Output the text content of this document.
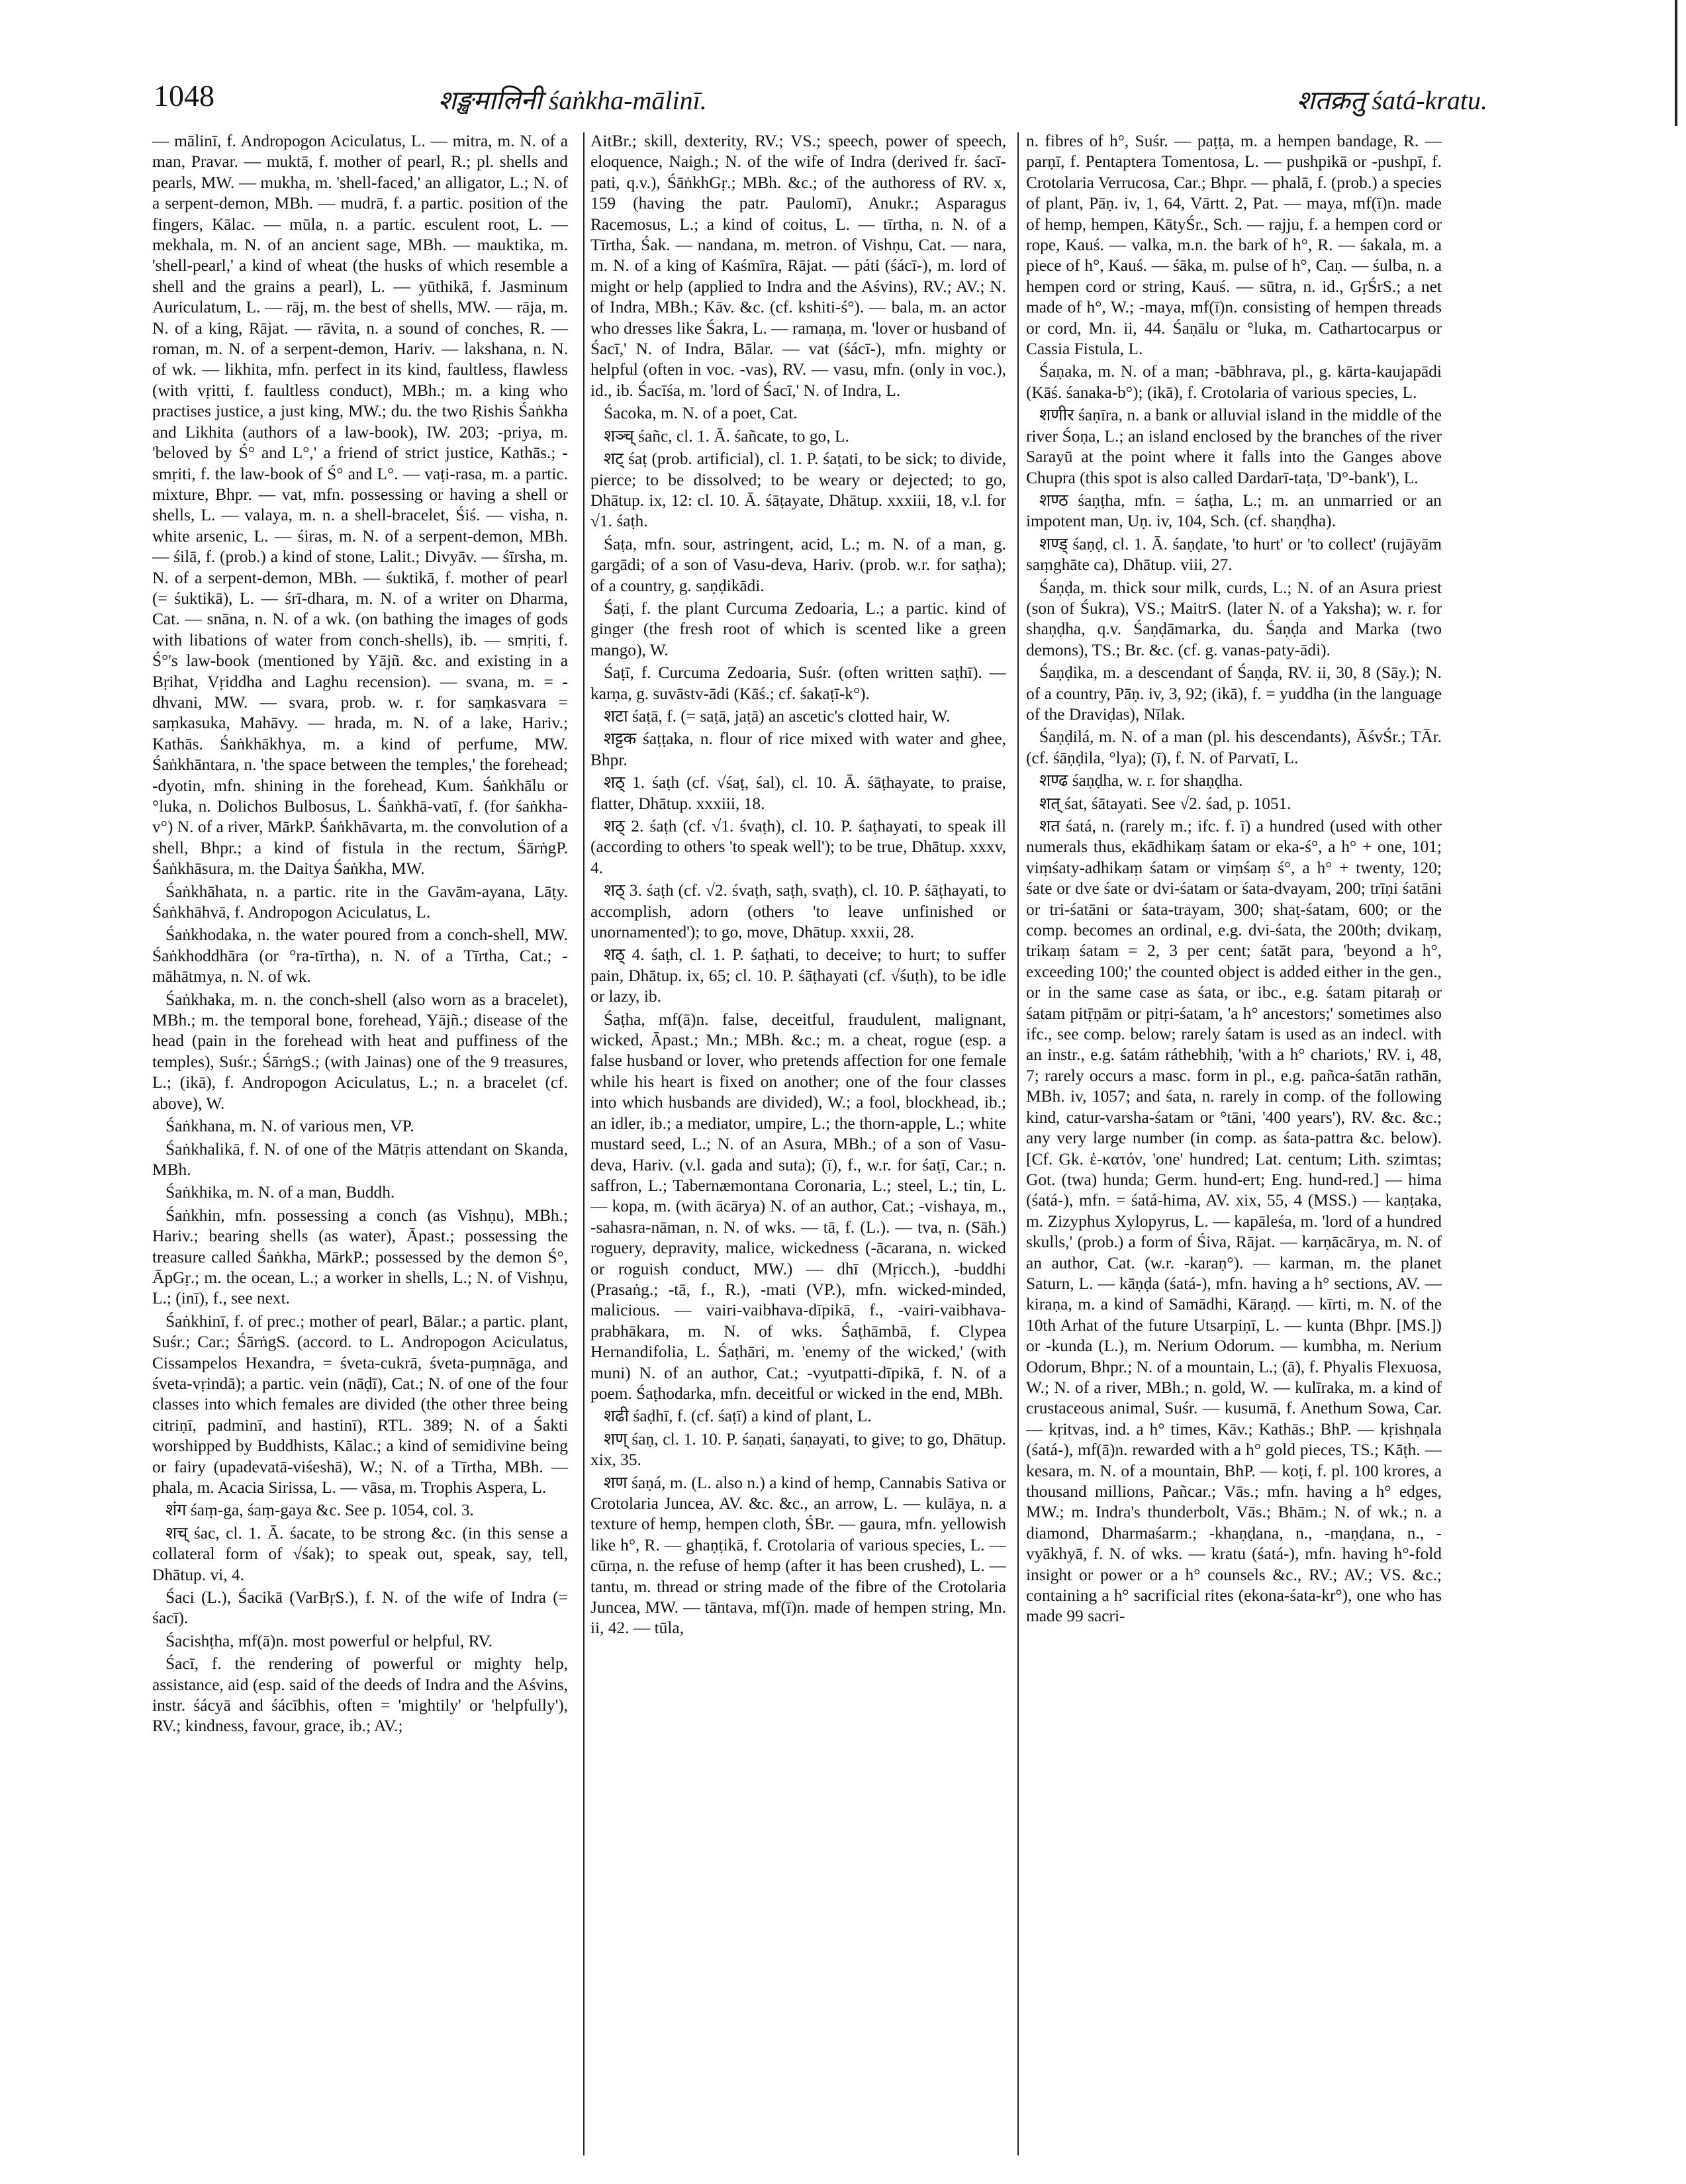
1048	शङ्खमालिनी śaṅkha-mālinī.	शतक्रतु śatá-kratu.

— mālinī, f. Andropogon Aciculatus, L. — mitra, m. N. of a man, Pravar. — muktā, f. mother of pearl, R.; pl. shells and pearls, MW. — mukha, m. 'shell-faced,' an alligator, L.; N. of a serpent-demon, MBh. — mudrā, f. a partic. position of the fingers, Kālac. — mūla, n. a partic. esculent root, L. — mekhala, m. N. of an ancient sage, MBh. — mauktika, m. 'shell-pearl,' a kind of wheat (the husks of which resemble a shell and the grains a pearl), L. — yūthikā, f. Jasminum Auriculatum, L. — rāj, m. the best of shells, MW. — rāja, m. N. of a king, Rājat. — rāvita, n. a sound of conches, R. — roman, m. N. of a serpent-demon, Hariv. — lakshana, n. N. of wk. — likhita, mfn. perfect in its kind, faultless, flawless (with vṛitti, f. faultless conduct), MBh.; m. a king who practises justice, a just king, MW.; du. the two Ṛishis Śaṅkha and Likhita (authors of a law-book), IW. 203; -priya, m. 'beloved by Ś° and L°,' a friend of strict justice, Kathās.; -smṛiti, f. the law-book of Ś° and L°. — vaṭi-rasa, m. a partic. mixture, Bhpr. — vat, mfn. possessing or having a shell or shells, L. — valaya, m. n. a shell-bracelet, Śiś. — visha, n. white arsenic, L. — śiras, m. N. of a serpent-demon, MBh. — śilā, f. (prob.) a kind of stone, Lalit.; Divyāv. — śīrsha, m. N. of a serpent-demon, MBh. — śuktikā, f. mother of pearl (= śuktikā), L. — śrī-dhara, m. N. of a writer on Dharma, Cat. — snāna, n. N. of a wk. (on bathing the images of gods with libations of water from conch-shells), ib. — smṛiti, f. Ś°'s law-book (mentioned by Yājñ. &c. and existing in a Bṛihat, Vṛiddha and Laghu recension). — svana, m. = -dhvani, MW. — svara, prob. w. r. for saṃkasvara = saṃkasuka, Mahāvy. — hrada, m. N. of a lake, Hariv.; Kathās. Śaṅkhākhya, m. a kind of perfume, MW. Śaṅkhāntara, n. 'the space between the temples,' the forehead; -dyotin, mfn. shining in the forehead, Kum. Śaṅkhālu or °luka, n. Dolichos Bulbosus, L. Śaṅkhā-vatī, f. (for śaṅkha-v°) N. of a river, MārkP. Śaṅkhāvarta, m. the convolution of a shell, Bhpr.; a kind of fistula in the rectum, ŚārṅgP. Śaṅkhāsura, m. the Daitya Śaṅkha, MW.

Śaṅkhāhata, n. a partic. rite in the Gavām-ayana, Lāṭy. Śaṅkhāhvā, f. Andropogon Aciculatus, L.

Śaṅkhodaka, n. the water poured from a conch-shell, MW. Śaṅkhoddhāra (or °ra-tīrtha), n. N. of a Tīrtha, Cat.; -māhātmya, n. N. of wk.

Śaṅkhaka, m. n. the conch-shell (also worn as a bracelet), MBh.; m. the temporal bone, forehead, Yājñ.; disease of the head (pain in the forehead with heat and puffiness of the temples), Suśr.; ŚārṅgS.; (with Jainas) one of the 9 treasures, L.; (ikā), f. Andropogon Aciculatus, L.; n. a bracelet (cf. above), W.

Śaṅkhana, m. N. of various men, VP.

Śaṅkhalikā, f. N. of one of the Mātṛis attendant on Skanda, MBh.

Śaṅkhika, m. N. of a man, Buddh.

Śaṅkhin, mfn. possessing a conch (as Vishṇu), MBh.; Hariv.; bearing shells (as water), Āpast.; possessing the treasure called Śaṅkha, MārkP.; possessed by the demon Ś°, ĀpGṛ.; m. the ocean, L.; a worker in shells, L.; N. of Vishṇu, L.; (inī), f., see next.

Śaṅkhinī, f. of prec.; mother of pearl, Bālar.; a partic. plant, Suśr.; Car.; ŚārṅgS. (accord. to L. Andropogon Aciculatus, Cissampelos Hexandra, = śveta-cukrā, śveta-puṃnāga, and śveta-vṛindā); a partic. vein (nāḍī), Cat.; N. of one of the four classes into which females are divided (the other three being citriṇī, padminī, and hastinī), RTL. 389; N. of a Śakti worshipped by Buddhists, Kālac.; a kind of semidivine being or fairy (upadevatā-viśeshā), W.; N. of a Tīrtha, MBh. — phala, m. Acacia Sirissa, L. — vāsa, m. Trophis Aspera, L.

शंग śaṃ-ga, śaṃ-gaya &c. See p. 1054, col. 3.

शच् śac, cl. 1. Ā. śacate, to be strong &c. (in this sense a collateral form of √śak); to speak out, speak, say, tell, Dhātup. vi, 4.

Śaci (L.), Śacikā (VarBṛS.), f. N. of the wife of Indra (= śacī).

Śacishṭha, mf(ā)n. most powerful or helpful, RV.

Śacī, f. the rendering of powerful or mighty help, assistance, aid (esp. said of the deeds of Indra and the Aśvins, instr. śácyā and śácībhis, often = 'mightily' or 'helpfully'), RV.; kindness, favour, grace, ib.; AV.;

AitBr.; skill, dexterity, RV.; VS.; speech, power of speech, eloquence, Naigh.; N. of the wife of Indra (derived fr. śacī-pati, q.v.), ŚāṅkhGṛ.; MBh. &c.; of the authoress of RV. x, 159 (having the patr. Paulomī), Anukr.; Asparagus Racemosus, L.; a kind of coitus, L. — tīrtha, n. N. of a Tīrtha, Śak. — nandana, m. metron. of Vishṇu, Cat. — nara, m. N. of a king of Kaśmīra, Rājat. — páti (śácī-), m. lord of might or help (applied to Indra and the Aśvins), RV.; AV.; N. of Indra, MBh.; Kāv. &c. (cf. kshiti-ś°). — bala, m. an actor who dresses like Śakra, L. — ramaṇa, m. 'lover or husband of Śacī,' N. of Indra, Bālar. — vat (śácī-), mfn. mighty or helpful (often in voc. -vas), RV. — vasu, mfn. (only in voc.), id., ib. Śacīśa, m. 'lord of Śacī,' N. of Indra, L.

Śacoka, m. N. of a poet, Cat.

शञ्च् śañc, cl. 1. Ā. śañcate, to go, L.

शट् śaṭ (prob. artificial), cl. 1. P. śaṭati, to be sick; to divide, pierce; to be dissolved; to be weary or dejected; to go, Dhātup. ix, 12: cl. 10. Ā. śāṭayate, Dhātup. xxxiii, 18, v.l. for √1. śaṭh.

Śaṭa, mfn. sour, astringent, acid, L.; m. N. of a man, g. gargādi; of a son of Vasu-deva, Hariv. (prob. w.r. for saṭha); of a country, g. saṇḍikādi.

Śaṭi, f. the plant Curcuma Zedoaria, L.; a partic. kind of ginger (the fresh root of which is scented like a green mango), W.

Śaṭī, f. Curcuma Zedoaria, Suśr. (often written saṭhī). — karṇa, g. suvāstv-ādi (Kāś.; cf. śakaṭī-k°).

शटा śaṭā, f. (= saṭā, jaṭā) an ascetic's clotted hair, W.

शट्टक śaṭṭaka, n. flour of rice mixed with water and ghee, Bhpr.

शठ् 1. śaṭh (cf. √śaṭ, śal), cl. 10. Ā. śāṭhayate, to praise, flatter, Dhātup. xxxiii, 18.

शठ् 2. śaṭh (cf. √1. śvaṭh), cl. 10. P. śaṭhayati, to speak ill (according to others 'to speak well'); to be true, Dhātup. xxxv, 4.

शठ् 3. śaṭh (cf. √2. śvaṭh, saṭh, svaṭh), cl. 10. P. śāṭhayati, to accomplish, adorn (others 'to leave unfinished or unornamented'); to go, move, Dhātup. xxxii, 28.

शठ् 4. śaṭh, cl. 1. P. śaṭhati, to deceive; to hurt; to suffer pain, Dhātup. ix, 65; cl. 10. P. śāṭhayati (cf. √śuṭh), to be idle or lazy, ib.

Śaṭha, mf(ā)n. false, deceitful, fraudulent, malignant, wicked, Āpast.; Mn.; MBh. &c.; m. a cheat, rogue (esp. a false husband or lover, who pretends affection for one female while his heart is fixed on another; one of the four classes into which husbands are divided), W.; a fool, blockhead, ib.; an idler, ib.; a mediator, umpire, L.; the thorn-apple, L.; white mustard seed, L.; N. of an Asura, MBh.; of a son of Vasu-deva, Hariv. (v.l. gada and suta); (ī), f., w.r. for śaṭī, Car.; n. saffron, L.; Tabernæmontana Coronaria, L.; steel, L.; tin, L. — kopa, m. (with ācārya) N. of an author, Cat.; -vishaya, m., -sahasra-nāman, n. N. of wks. — tā, f. (L.). — tva, n. (Sāh.) roguery, depravity, malice, wickedness (-ācarana, n. wicked or roguish conduct, MW.) — dhī (Mṛicch.), -buddhi (Prasaṅg.; -tā, f., R.), -mati (VP.), mfn. wicked-minded, malicious. — vairi-vaibhava-dīpikā, f., -vairi-vaibhava-prabhākara, m. N. of wks. Śaṭhāmbā, f. Clypea Hernandifolia, L. Śaṭhāri, m. 'enemy of the wicked,' (with muni) N. of an author, Cat.; -vyutpatti-dīpikā, f. N. of a poem. Śaṭhodarka, mfn. deceitful or wicked in the end, MBh.

शढी śaḍhī, f. (cf. śaṭī) a kind of plant, L.

शण् śaṇ, cl. 1. 10. P. śaṇati, śaṇayati, to give; to go, Dhātup. xix, 35.

शण śaṇá, m. (L. also n.) a kind of hemp, Cannabis Sativa or Crotolaria Juncea, AV. &c. &c., an arrow, L. — kulāya, n. a texture of hemp, hempen cloth, ŚBr. — gaura, mfn. yellowish like h°, R. — ghaṇṭikā, f. Crotolaria of various species, L. — cūrṇa, n. the refuse of hemp (after it has been crushed), L. — tantu, m. thread or string made of the fibre of the Crotolaria Juncea, MW. — tāntava, mf(ī)n. made of hempen string, Mn. ii, 42. — tūla,

n. fibres of h°, Suśr. — paṭṭa, m. a hempen bandage, R. — parṇī, f. Pentaptera Tomentosa, L. — pushpikā or -pushpī, f. Crotolaria Verrucosa, Car.; Bhpr. — phalā, f. (prob.) a species of plant, Pāṇ. iv, 1, 64, Vārtt. 2, Pat. — maya, mf(ī)n. made of hemp, hempen, KātyŚr., Sch. — rajju, f. a hempen cord or rope, Kauś. — valka, m.n. the bark of h°, R. — śakala, m. a piece of h°, Kauś. — śāka, m. pulse of h°, Caṇ. — śulba, n. a hempen cord or string, Kauś. — sūtra, n. id., GṛŚrS.; a net made of h°, W.; -maya, mf(ī)n. consisting of hempen threads or cord, Mn. ii, 44. Śaṇālu or °luka, m. Cathartocarpus or Cassia Fistula, L.

Śaṇaka, m. N. of a man; -bābhrava, pl., g. kārta-kaujapādi (Kāś. śanaka-b°); (ikā), f. Crotolaria of various species, L.

शणीर śaṇīra, n. a bank or alluvial island in the middle of the river Śoṇa, L.; an island enclosed by the branches of the river Sarayū at the point where it falls into the Ganges above Chupra (this spot is also called Dardarī-taṭa, 'D°-bank'), L.

शण्ठ śaṇṭha, mfn. = śaṭha, L.; m. an unmarried or an impotent man, Uṇ. iv, 104, Sch. (cf. shaṇḍha).

शण्ड् śaṇḍ, cl. 1. Ā. śaṇḍate, 'to hurt' or 'to collect' (rujāyām saṃghāte ca), Dhātup. viii, 27.

Śaṇḍa, m. thick sour milk, curds, L.; N. of an Asura priest (son of Śukra), VS.; MaitrS. (later N. of a Yaksha); w. r. for shaṇḍha, q.v. Śaṇḍāmarka, du. Śaṇḍa and Marka (two demons), TS.; Br. &c. (cf. g. vanas-paty-ādi).

Śaṇḍika, m. a descendant of Śaṇḍa, RV. ii, 30, 8 (Sāy.); N. of a country, Pāṇ. iv, 3, 92; (ikā), f. = yuddha (in the language of the Draviḍas), Nīlak.

Śaṇḍilá, m. N. of a man (pl. his descendants), ĀśvŚr.; TĀr. (cf. śāṇḍila, °lya); (ī), f. N. of Parvatī, L.

शण्ढ śaṇḍha, w. r. for shaṇḍha.

शत् śat, śātayati. See √2. śad, p. 1051.

शत śatá, n. (rarely m.; ifc. f. ī) a hundred (used with other numerals thus, ekādhikaṃ śatam or eka-ś°, a h° + one, 101; viṃśaty-adhikaṃ śatam or viṃśaṃ ś°, a h° + twenty, 120; śate or dve śate or dvi-śatam or śata-dvayam, 200; trīṇi śatāni or tri-śatāni or śata-trayam, 300; shaṭ-śatam, 600; or the comp. becomes an ordinal, e.g. dvi-śata, the 200th; dvikaṃ, trikaṃ śatam = 2, 3 per cent; śatāt para, 'beyond a h°, exceeding 100;' the counted object is added either in the gen., or in the same case as śata, or ibc., e.g. śatam pitaraḥ or śatam pitṝṇām or pitṛi-śatam, 'a h° ancestors;' sometimes also ifc., see comp. below; rarely śatam is used as an indecl. with an instr., e.g. śatám ráthebhiḥ, 'with a h° chariots,' RV. i, 48, 7; rarely occurs a masc. form in pl., e.g. pañca-śatān rathān, MBh. iv, 1057; and śata, n. rarely in comp. of the following kind, catur-varsha-śatam or °tāni, '400 years'), RV. &c. &c.; any very large number (in comp. as śata-pattra &c. below). [Cf. Gk. ἑ-κατόν, 'one' hundred; Lat. centum; Lith. szimtas; Got. (twa) hunda; Germ. hund-ert; Eng. hund-red.] — hima (śatá-), mfn. = śatá-hima, AV. xix, 55, 4 (MSS.) — kaṇṭaka, m. Zizyphus Xylopyrus, L. — kapāleśa, m. 'lord of a hundred skulls,' (prob.) a form of Śiva, Rājat. — karṇācārya, m. N. of an author, Cat. (w.r. -karaṇ°). — karman, m. the planet Saturn, L. — kāṇḍa (śatá-), mfn. having a h° sections, AV. — kiraṇa, m. a kind of Samādhi, Kāraṇḍ. — kīrti, m. N. of the 10th Arhat of the future Utsarpiṇī, L. — kunta (Bhpr. [MS.]) or -kunda (L.), m. Nerium Odorum. — kumbha, m. Nerium Odorum, Bhpr.; N. of a mountain, L.; (ā), f. Phyalis Flexuosa, W.; N. of a river, MBh.; n. gold, W. — kulīraka, m. a kind of crustaceous animal, Suśr. — kusumā, f. Anethum Sowa, Car. — kṛitvas, ind. a h° times, Kāv.; Kathās.; BhP. — kṛishṇala (śatá-), mf(ā)n. rewarded with a h° gold pieces, TS.; Kāṭh. — kesara, m. N. of a mountain, BhP. — koṭi, f. pl. 100 krores, a thousand millions, Pañcar.; Vās.; mfn. having a h° edges, MW.; m. Indra's thunderbolt, Vās.; Bhām.; N. of wk.; n. a diamond, Dharmaśarm.; -khaṇḍana, n., -maṇḍana, n., -vyākhyā, f. N. of wks. — kratu (śatá-), mfn. having h°-fold insight or power or a h° counsels &c., RV.; AV.; VS. &c.; containing a h° sacrificial rites (ekona-śata-kr°), one who has made 99 sacri-
